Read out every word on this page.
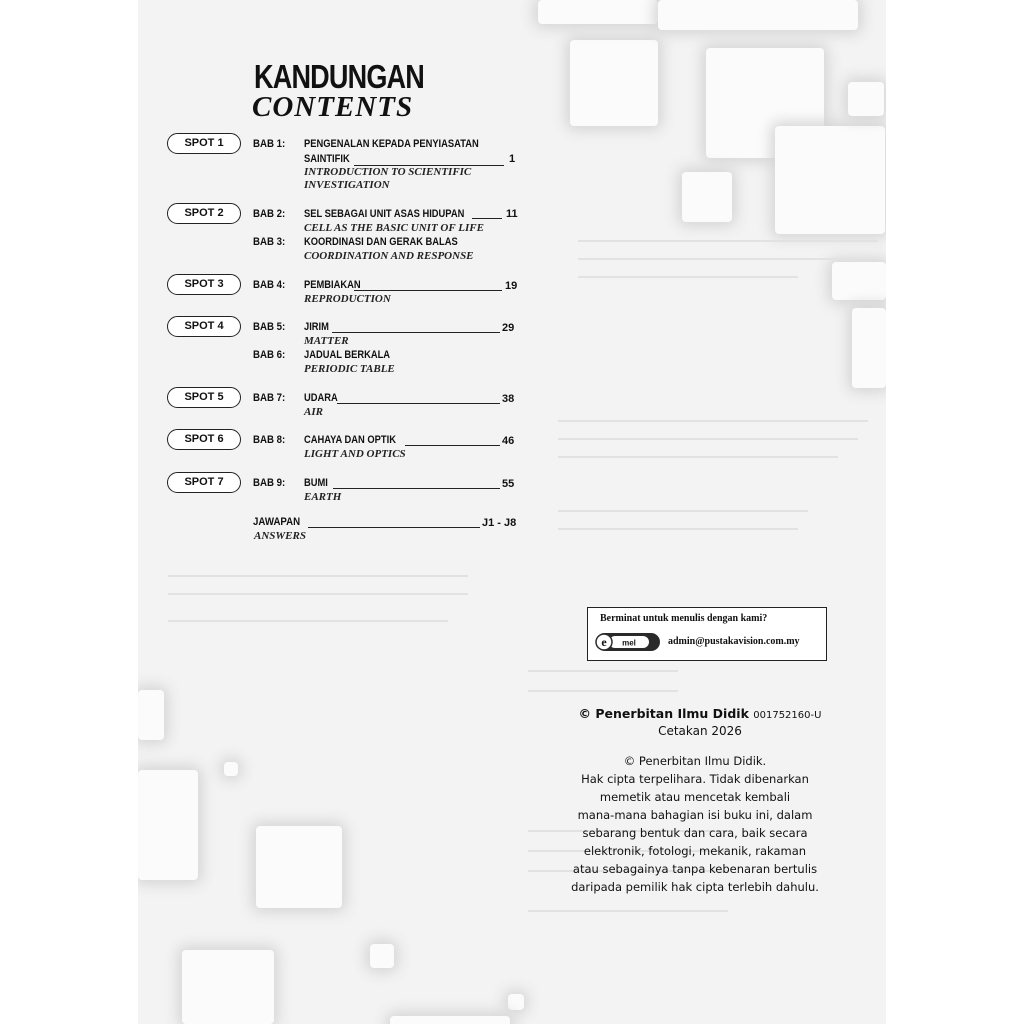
KANDUNGAN
CONTENTS
SPOT 1	BAB 1: PENGENALAN KEPADA PENYIASATAN
SAINTIFIK	1
INTRODUCTION TO SCIENTIFIC
INVESTIGATION
SPOT 2	BAB 2: SEL SEBAGAI UNIT ASAS HIDUPAN	11
CELL AS THE BASIC UNIT OF LIFE
BAB 3: KOORDINASI DAN GERAK BALAS
COORDINATION AND RESPONSE
SPOT 3	BAB 4: PEMBIAKAN	19
REPRODUCTION
SPOT 4	BAB 5: JIRIM	29
MATTER
BAB 6: JADUAL BERKALA
PERIODIC TABLE
SPOT 5	BAB 7: UDARA	38
AIR
SPOT 6	BAB 8: CAHAYA DAN OPTIK	46
LIGHT AND OPTICS
SPOT 7	BAB 9: BUMI	55
EARTH
JAWAPAN	J1 - J8
ANSWERS
Berminat untuk menulis dengan kami?
e mel	admin@pustakavision.com.my
© Penerbitan Ilmu Didik 001752160-U
Cetakan 2026
© Penerbitan Ilmu Didik.
Hak cipta terpelihara. Tidak dibenarkan
memetik atau mencetak kembali
mana-mana bahagian isi buku ini, dalam
sebarang bentuk dan cara, baik secara
elektronik, fotologi, mekanik, rakaman
atau sebagainya tanpa kebenaran bertulis
daripada pemilik hak cipta terlebih dahulu.
